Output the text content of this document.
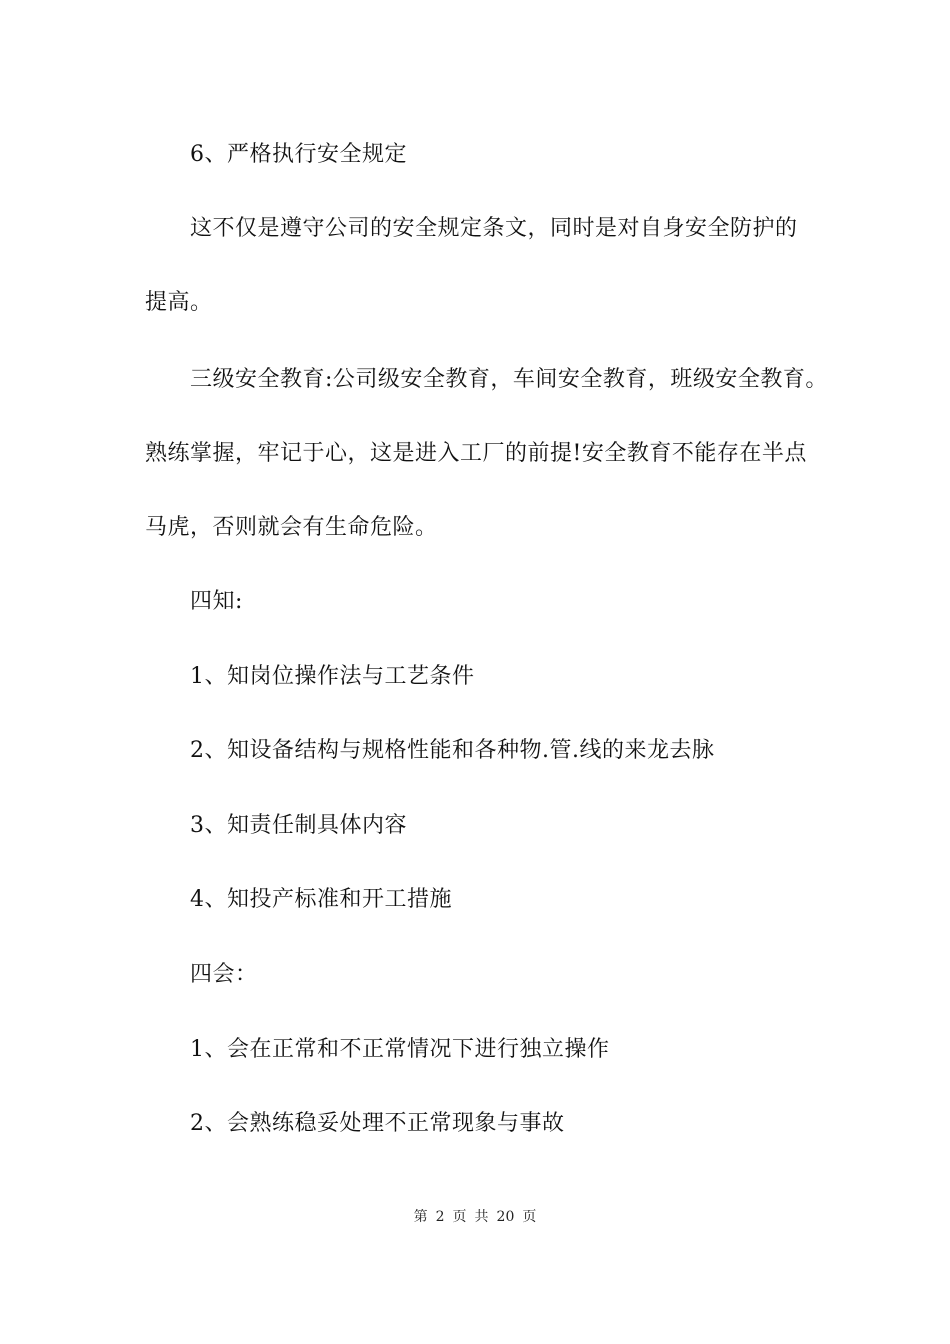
6、严格执行安全规定
这不仅是遵守公司的安全规定条文，同时是对自身安全防护的
提高。
三级安全教育:公司级安全教育，车间安全教育，班级安全教育。
熟练掌握，牢记于心，这是进入工厂的前提!安全教育不能存在半点
马虎，否则就会有生命危险。
四知:
1、知岗位操作法与工艺条件
2、知设备结构与规格性能和各种物.管.线的来龙去脉
3、知责任制具体内容
4、知投产标准和开工措施
四会：
1、会在正常和不正常情况下进行独立操作
2、会熟练稳妥处理不正常现象与事故
第 2 页 共 20 页
